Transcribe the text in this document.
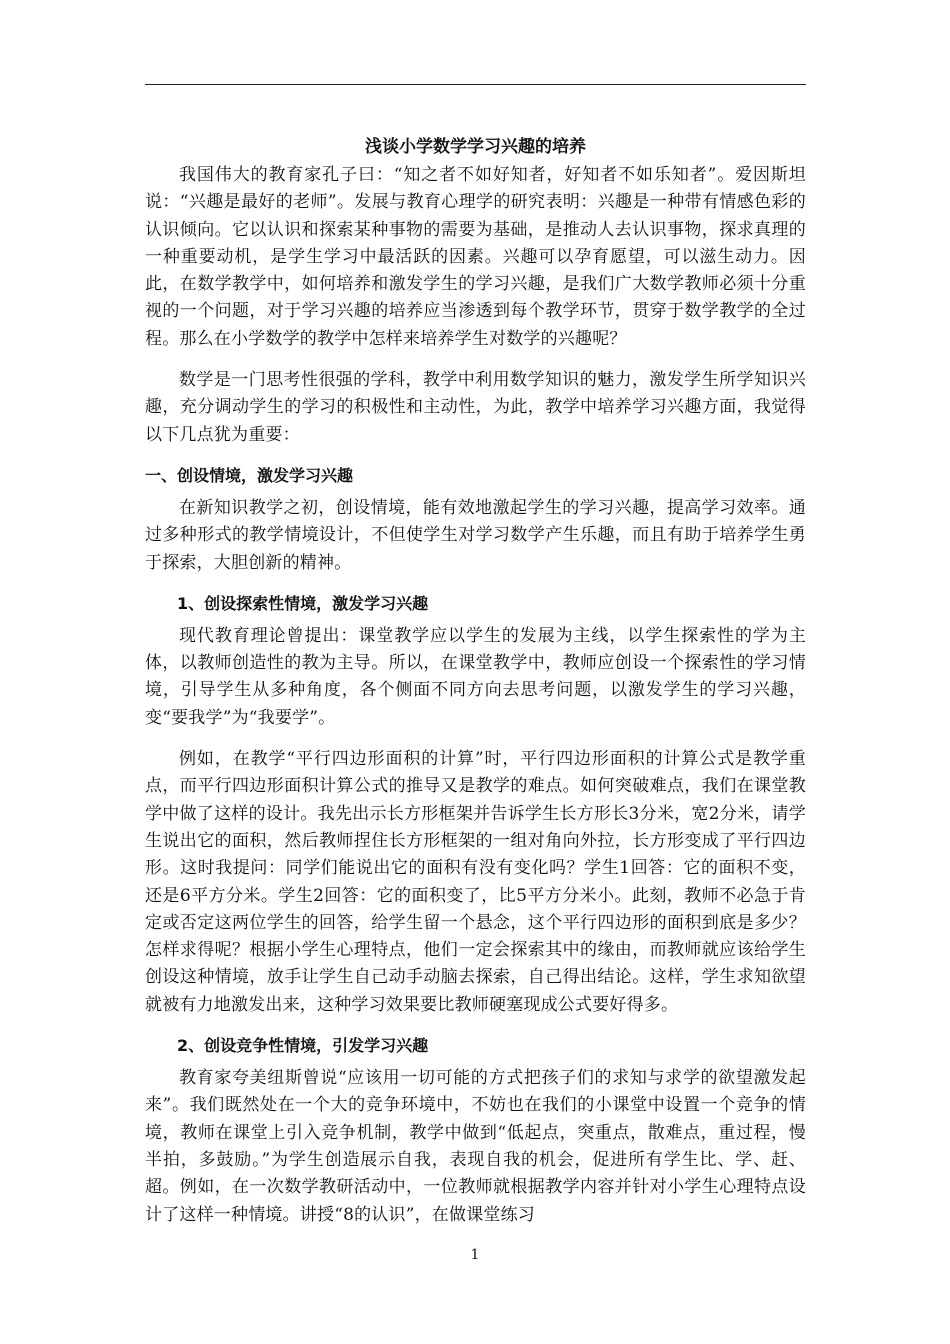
浅谈小学数学学习兴趣的培养

我国伟大的教育家孔子曰：“知之者不如好知者，好知者不如乐知者”。爱因斯坦说：“兴趣是最好的老师”。发展与教育心理学的研究表明：兴趣是一种带有情感色彩的认识倾向。它以认识和探索某种事物的需要为基础，是推动人去认识事物，探求真理的一种重要动机，是学生学习中最活跃的因素。兴趣可以孕育愿望，可以滋生动力。因此，在数学教学中，如何培养和激发学生的学习兴趣，是我们广大数学教师必须十分重视的一个问题，对于学习兴趣的培养应当渗透到每个教学环节，贯穿于数学教学的全过程。那么在小学数学的教学中怎样来培养学生对数学的兴趣呢？

数学是一门思考性很强的学科，教学中利用数学知识的魅力，激发学生所学知识兴趣，充分调动学生的学习的积极性和主动性，为此，教学中培养学习兴趣方面，我觉得以下几点犹为重要：

一、创设情境，激发学习兴趣

在新知识教学之初，创设情境，能有效地激起学生的学习兴趣，提高学习效率。通过多种形式的教学情境设计，不但使学生对学习数学产生乐趣，而且有助于培养学生勇于探索，大胆创新的精神。

1、创设探索性情境，激发学习兴趣

现代教育理论曾提出：课堂教学应以学生的发展为主线，以学生探索性的学为主体，以教师创造性的教为主导。所以，在课堂教学中，教师应创设一个探索性的学习情境，引导学生从多种角度，各个侧面不同方向去思考问题，以激发学生的学习兴趣，变“要我学”为“我要学”。

例如，在教学“平行四边形面积的计算”时，平行四边形面积的计算公式是教学重点，而平行四边形面积计算公式的推导又是教学的难点。如何突破难点，我们在课堂教学中做了这样的设计。我先出示长方形框架并告诉学生长方形长3分米，宽2分米，请学生说出它的面积，然后教师捏住长方形框架的一组对角向外拉，长方形变成了平行四边形。这时我提问：同学们能说出它的面积有没有变化吗？学生1回答：它的面积不变，还是6平方分米。学生2回答：它的面积变了，比5平方分米小。此刻，教师不必急于肯定或否定这两位学生的回答，给学生留一个悬念，这个平行四边形的面积到底是多少？怎样求得呢？根据小学生心理特点，他们一定会探索其中的缘由，而教师就应该给学生创设这种情境，放手让学生自己动手动脑去探索，自己得出结论。这样，学生求知欲望就被有力地激发出来，这种学习效果要比教师硬塞现成公式要好得多。

2、创设竞争性情境，引发学习兴趣

教育家夸美纽斯曾说“应该用一切可能的方式把孩子们的求知与求学的欲望激发起来”。我们既然处在一个大的竞争环境中，不妨也在我们的小课堂中设置一个竞争的情境，教师在课堂上引入竞争机制，教学中做到“低起点，突重点，散难点，重过程，慢半拍，多鼓励。”为学生创造展示自我，表现自我的机会，促进所有学生比、学、赶、超。例如，在一次数学教研活动中，一位教师就根据教学内容并针对小学生心理特点设计了这样一种情境。讲授“8的认识”，在做课堂练习

1
